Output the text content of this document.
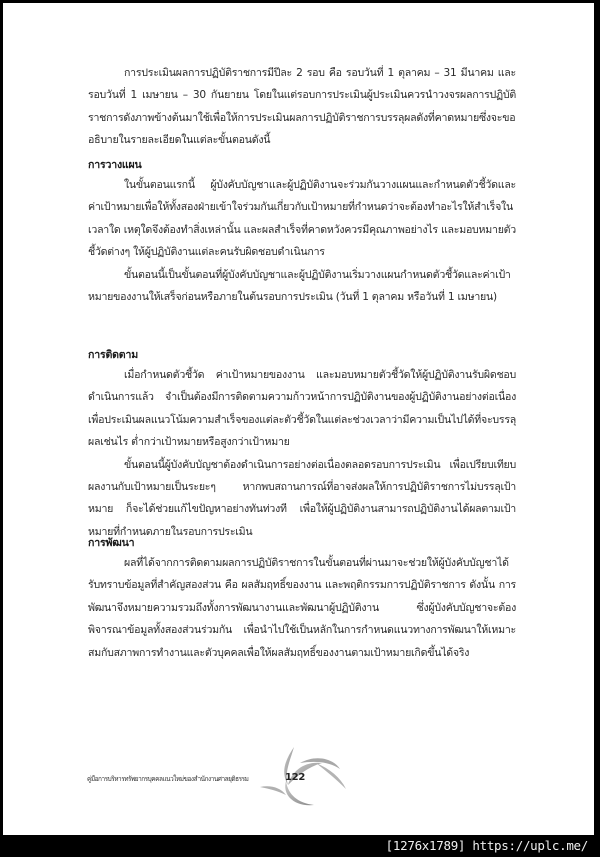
การประเมินผลการปฏิบัติราชการมีปีละ 2 รอบ คือ รอบวันที่ 1 ตุลาคม – 31 มีนาคม และรอบวันที่ 1 เมษายน – 30 กันยายน โดยในแต่รอบการประเมินผู้ประเมินควรนำวงจรผลการปฏิบัติราชการดังภาพข้างต้นมาใช้เพื่อให้การประเมินผลการปฏิบัติราชการบรรลุผลดังที่คาดหมายซึ่งจะขออธิบายในรายละเอียดในแต่ละขั้นตอนดังนี้

การวางแผน

ในขั้นตอนแรกนี้ ผู้บังคับบัญชาและผู้ปฏิบัติงานจะร่วมกันวางแผนและกำหนดตัวชี้วัดและค่าเป้าหมายเพื่อให้ทั้งสองฝ่ายเข้าใจร่วมกันเกี่ยวกับเป้าหมายที่กำหนดว่าจะต้องทำอะไรให้สำเร็จในเวลาใด เหตุใดจึงต้องทำสิ่งเหล่านั้น และผลสำเร็จที่คาดหวังควรมีคุณภาพอย่างไร และมอบหมายตัวชี้วัดต่างๆ ให้ผู้ปฏิบัติงานแต่ละคนรับผิดชอบดำเนินการ

ขั้นตอนนี้เป็นขั้นตอนที่ผู้บังคับบัญชาและผู้ปฏิบัติงานเริ่มวางแผนกำหนดตัวชี้วัดและค่าเป้าหมายของงานให้เสร็จก่อนหรือภายในต้นรอบการประเมิน (วันที่ 1 ตุลาคม หรือวันที่ 1 เมษายน)

การติดตาม

เมื่อกำหนดตัวชี้วัด ค่าเป้าหมายของงาน และมอบหมายตัวชี้วัดให้ผู้ปฏิบัติงานรับผิดชอบดำเนินการแล้ว จำเป็นต้องมีการติดตามความก้าวหน้าการปฏิบัติงานของผู้ปฏิบัติงานอย่างต่อเนื่อง เพื่อประเมินผลแนวโน้มความสำเร็จของแต่ละตัวชี้วัดในแต่ละช่วงเวลาว่ามีความเป็นไปได้ที่จะบรรลุผลเช่นไร ต่ำกว่าเป้าหมายหรือสูงกว่าเป้าหมาย

ขั้นตอนนี้ผู้บังคับบัญชาต้องดำเนินการอย่างต่อเนื่องตลอดรอบการประเมิน เพื่อเปรียบเทียบผลงานกับเป้าหมายเป็นระยะๆ หากพบสถานการณ์ที่อาจส่งผลให้การปฏิบัติราชการไม่บรรลุเป้าหมาย ก็จะได้ช่วยแก้ไขปัญหาอย่างทันท่วงที เพื่อให้ผู้ปฏิบัติงานสามารถปฏิบัติงานได้ผลตามเป้าหมายที่กำหนดภายในรอบการประเมิน

การพัฒนา

ผลที่ได้จากการติดตามผลการปฏิบัติราชการในขั้นตอนที่ผ่านมาจะช่วยให้ผู้บังคับบัญชาได้รับทราบข้อมูลที่สำคัญสองส่วน คือ ผลสัมฤทธิ์ของงาน และพฤติกรรมการปฏิบัติราชการ ดังนั้น การพัฒนาจึงหมายความรวมถึงทั้งการพัฒนางานและพัฒนาผู้ปฏิบัติงาน ซึ่งผู้บังคับบัญชาจะต้องพิจารณาข้อมูลทั้งสองส่วนร่วมกัน เพื่อนำไปใช้เป็นหลักในการกำหนดแนวทางการพัฒนาให้เหมาะสมกับสภาพการทำงานและตัวบุคคลเพื่อให้ผลสัมฤทธิ์ของงานตามเป้าหมายเกิดขึ้นได้จริง

คู่มือการบริหารทรัพยากรบุคคลแนวใหม่ของสำนักงานศาลยุติธรรม	122
[1276x1789] https://uplc.me/
